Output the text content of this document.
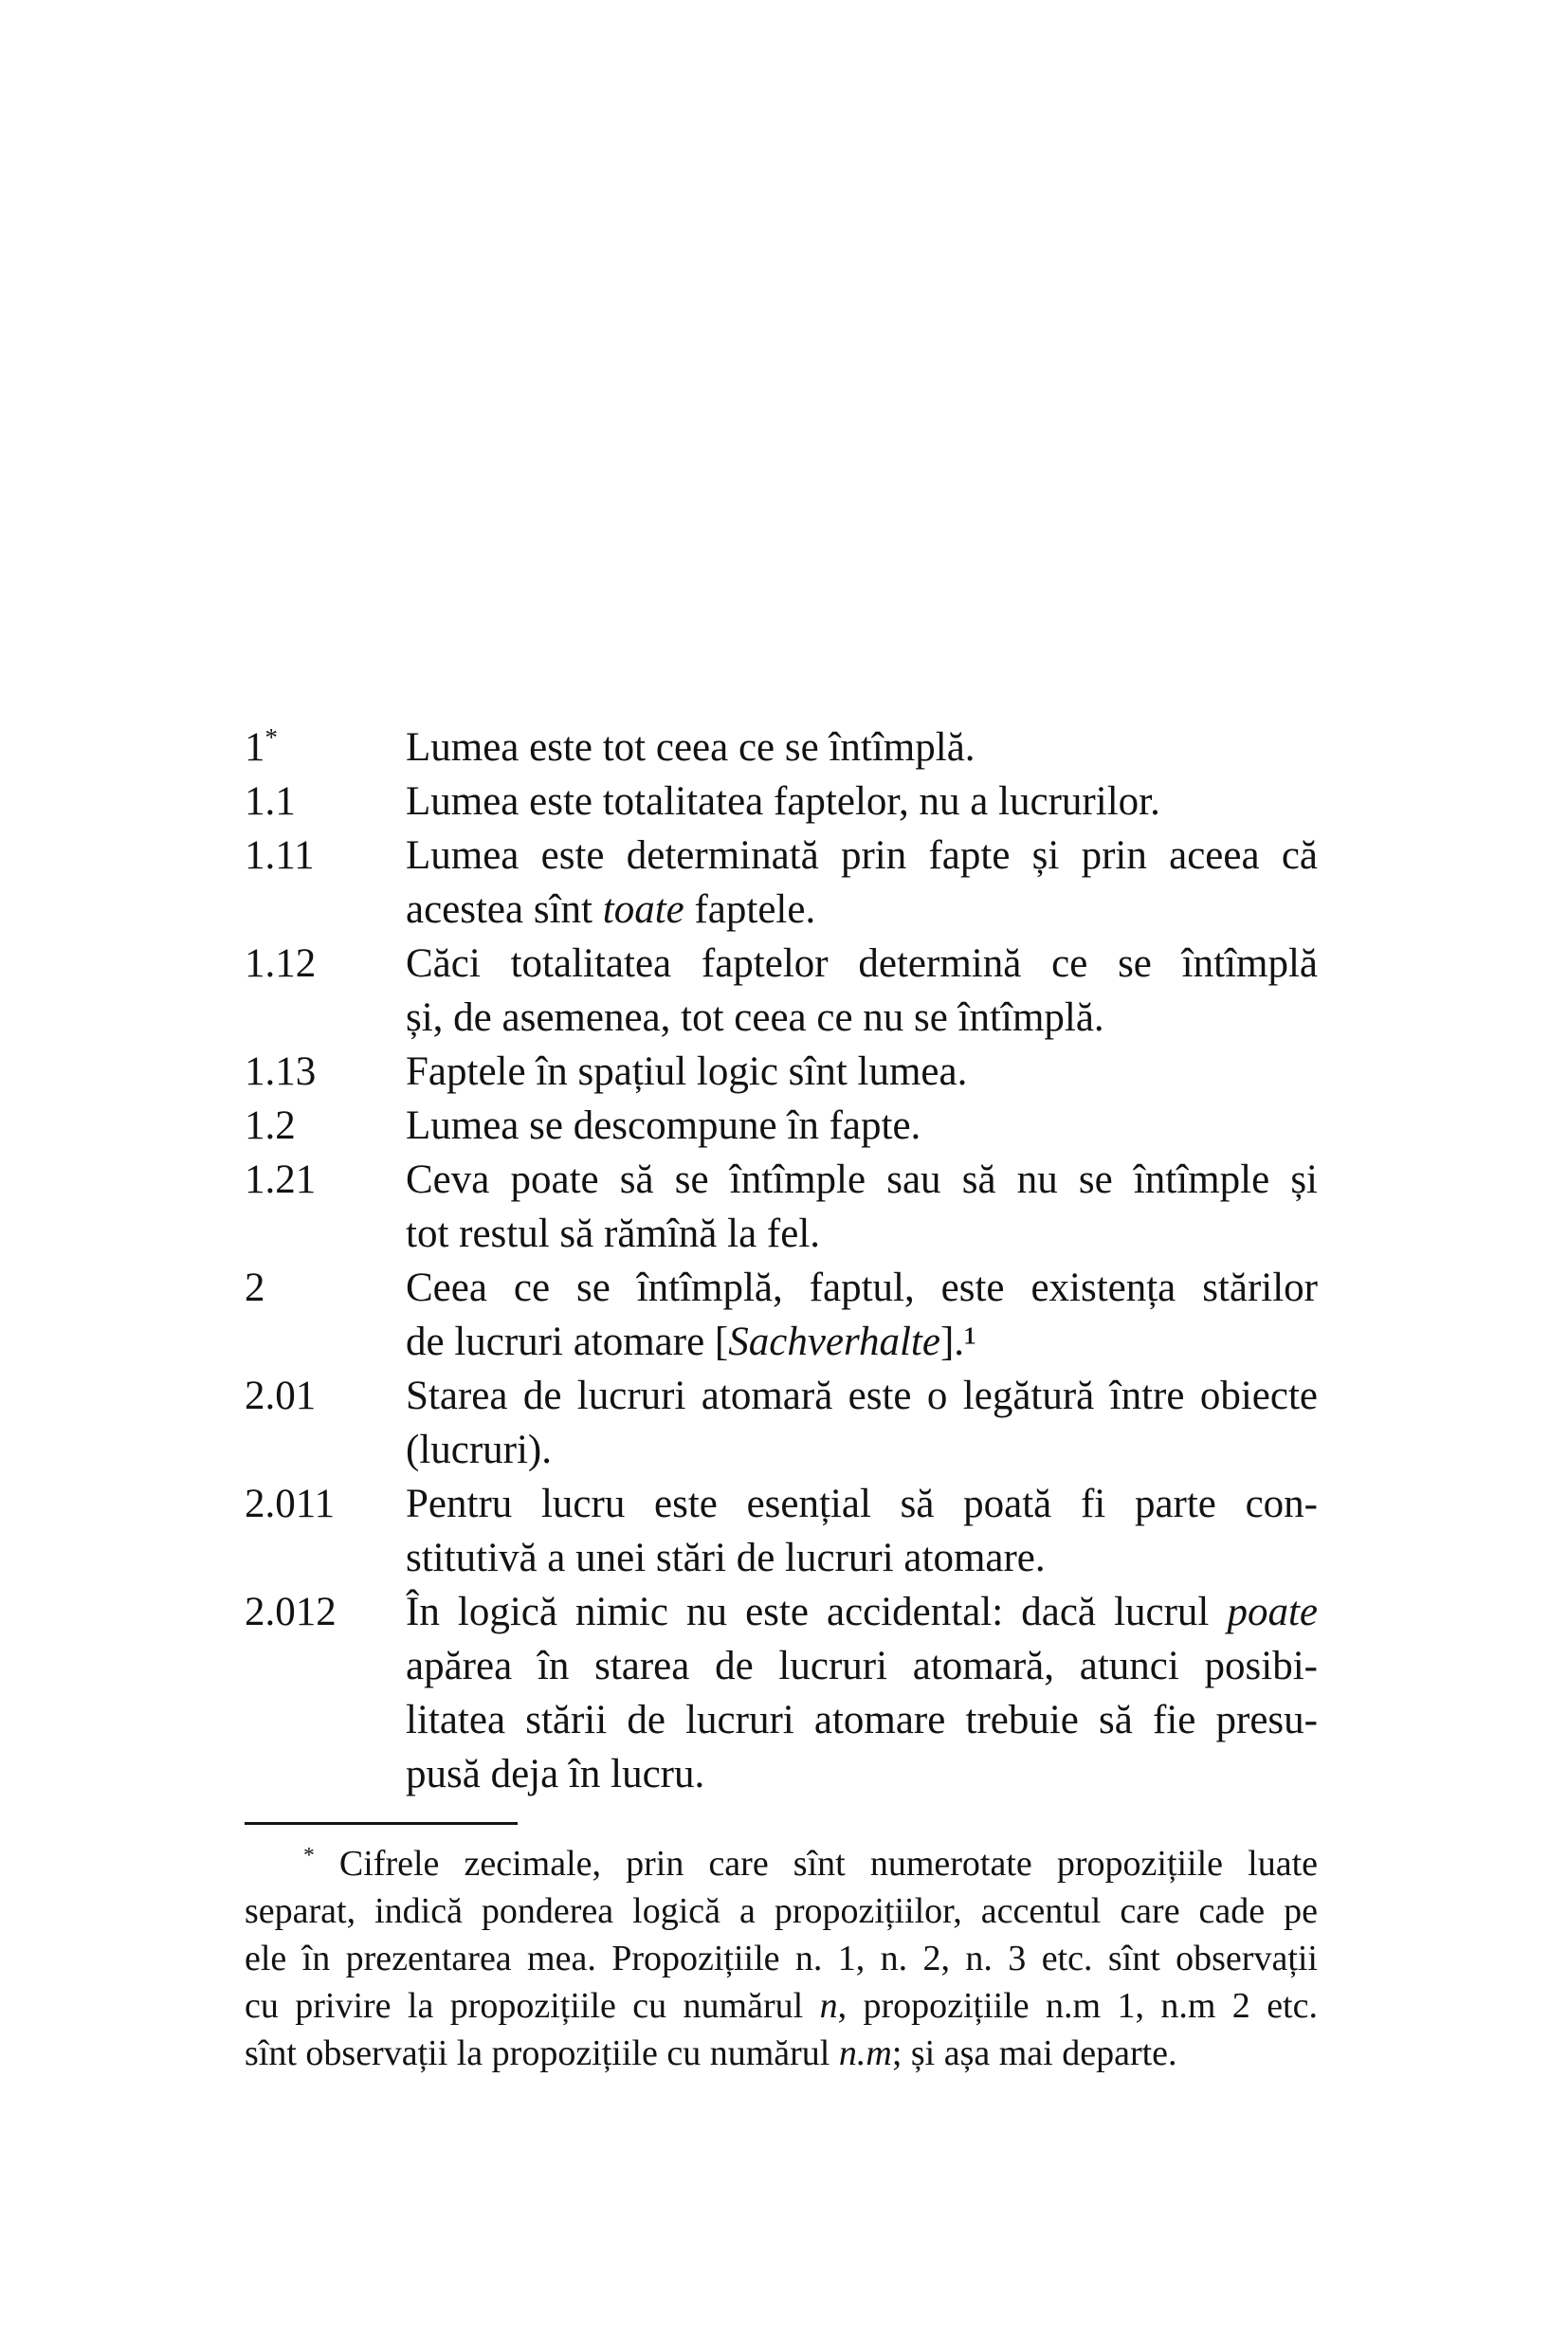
1*	Lumea este tot ceea ce se întîmplă.
1.1	Lumea este totalitatea faptelor, nu a lucrurilor.
1.11 Lumea este determinată prin fapte și prin aceea că
acestea sînt toate faptele.
1.12 Căci totalitatea faptelor determină ce se întîmplă
și, de asemenea, tot ceea ce nu se întîmplă.
1.13 Faptele în spațiul logic sînt lumea.
1.2	Lumea se descompune în fapte.
1.21 Ceva poate să se întîmple sau să nu se întîmple și
tot restul să rămînă la fel.
2	Ceea ce se întîmplă, faptul, este existența stărilor
de lucruri atomare [Sachverhalte].¹
2.01 Starea de lucruri atomară este o legătură între obiecte
(lucruri).
2.011 Pentru lucru este esențial să poată fi parte con-
stitutivă a unei stări de lucruri atomare.
2.012 În logică nimic nu este accidental: dacă lucrul poate
apărea în starea de lucruri atomară, atunci posibi-
litatea stării de lucruri atomare trebuie să fie presu-
pusă deja în lucru.
* Cifrele zecimale, prin care sînt numerotate propozițiile luate
separat, indică ponderea logică a propozițiilor, accentul care cade pe
ele în prezentarea mea. Propozițiile n. 1, n. 2, n. 3 etc. sînt observații
cu privire la propozițiile cu numărul n, propozițiile n.m 1, n.m 2 etc.
sînt observații la propozițiile cu numărul n.m; și așa mai departe.
